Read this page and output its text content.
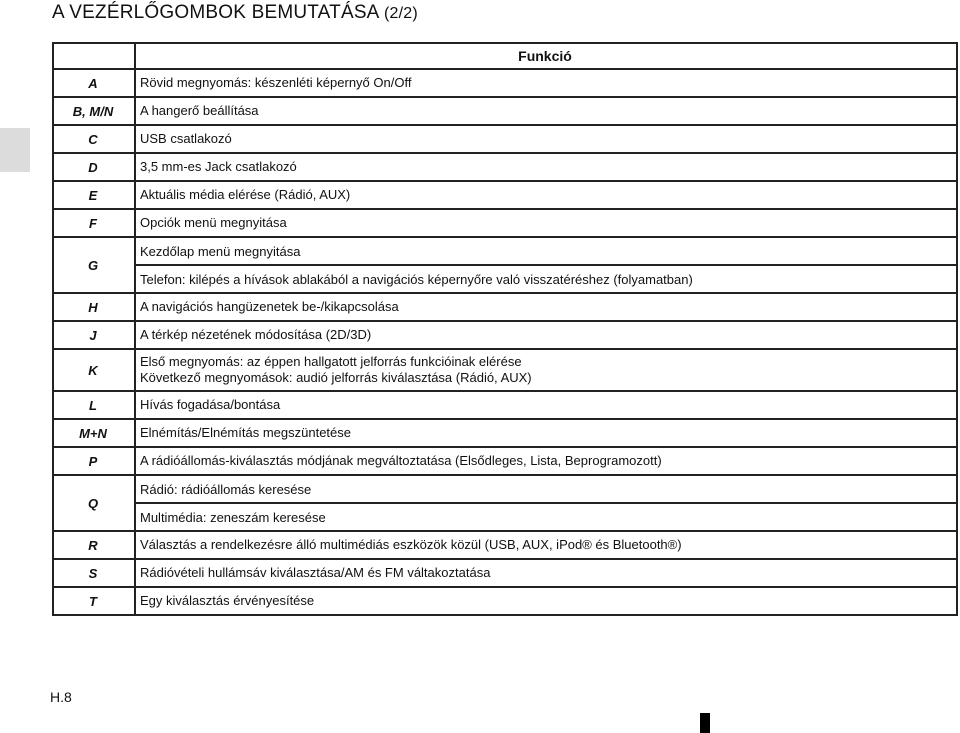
A VEZÉRLŐGOMBOK BEMUTATÁSA (2/2)
	Funkció
A	Rövid megnyomás: készenléti képernyő On/Off

B, M/N	A hangerő beállítása

C	USB csatlakozó

D	3,5 mm-es Jack csatlakozó

E	Aktuális média elérése (Rádió, AUX)

F	Opciók menü megnyitása

G	Kezdőlap menü megnyitása
	Telefon: kilépés a hívások ablakából a navigációs képernyőre való visszatéréshez (folyamatban)
H	A navigációs hangüzenetek be-/kikapcsolása

J	A térkép nézetének módosítása (2D/3D)

K	Első megnyomás: az éppen hallgatott jelforrás funkcióinak elérése
Következő megnyomások: audió jelforrás kiválasztása (Rádió, AUX)

L	Hívás fogadása/bontása

M+N	Elnémítás/Elnémítás megszüntetése

P	A rádióállomás-kiválasztás módjának megváltoztatása (Elsődleges, Lista, Beprogramozott)

Q	Rádió: rádióállomás keresése
	Multimédia: zeneszám keresése
R	Választás a rendelkezésre álló multimédiás eszközök közül (USB, AUX, iPod® és Bluetooth®)

S	Rádióvételi hullámsáv kiválasztása/AM és FM váltakoztatása

T	Egy kiválasztás érvényesítése
H.8
